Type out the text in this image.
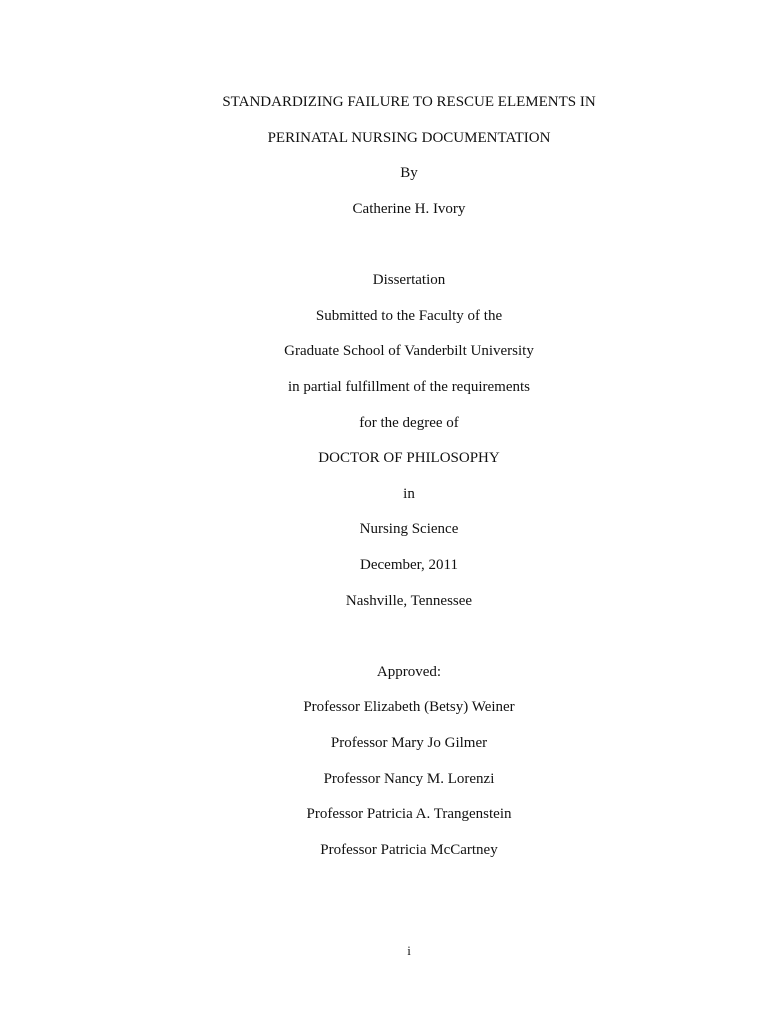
STANDARDIZING FAILURE TO RESCUE ELEMENTS IN
PERINATAL NURSING DOCUMENTATION
By
Catherine H. Ivory
Dissertation
Submitted to the Faculty of the
Graduate School of Vanderbilt University
in partial fulfillment of the requirements
for the degree of
DOCTOR OF PHILOSOPHY
in
Nursing Science
December, 2011
Nashville, Tennessee
Approved:
Professor Elizabeth (Betsy) Weiner
Professor Mary Jo Gilmer
Professor Nancy M. Lorenzi
Professor Patricia A. Trangenstein
Professor Patricia McCartney
i
